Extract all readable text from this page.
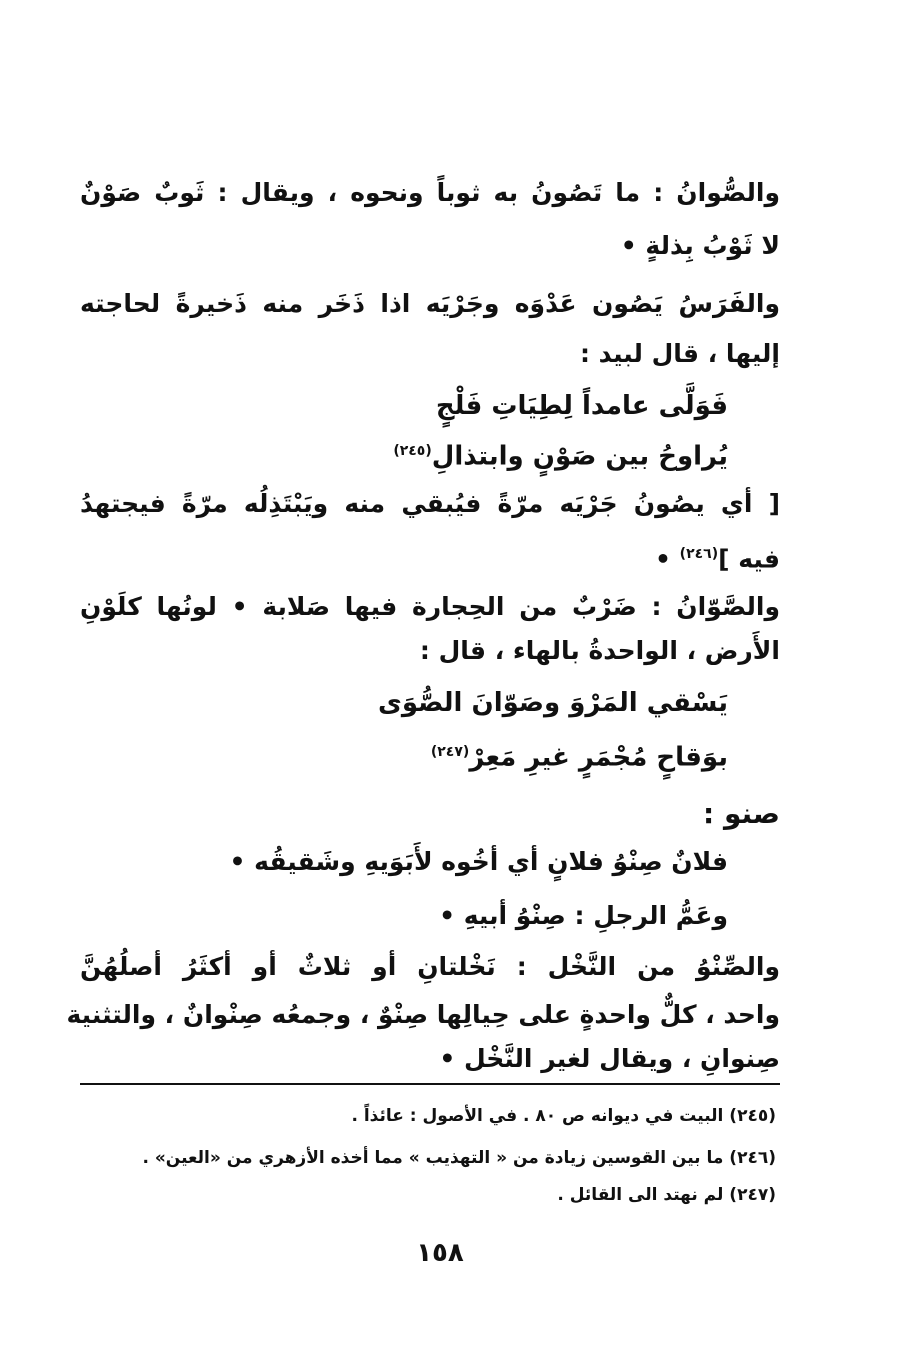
والصُّوانُ : ما تَصُونُ به ثوباً ونحوه ، ويقال : ثَوبٌ صَوْنٌ
لا ثَوْبُ بِذلةٍ •
والفَرَسُ يَصُون عَدْوَه وجَرْيَه اذا ذَخَر منه ذَخيرةً لحاجته
إليها ، قال لبيد :
فَوَلَّى عامداً لِطِيَاتِ فَلْجٍ
يُراوحُ بين صَوْنٍ وابتذالِ$^{(٢٤٥)}$
[ أي يصُونُ جَرْيَه مرّةً فيُبقي منه ويَبْتَذِلُه مرّةً فيجتهدُ
فيه ]$^{(٢٤٦)}$ •
والصَّوّانُ : ضَرْبٌ من الحِجارة فيها صَلابة • لونُها كلَوْنِ
الأَرض ، الواحدةُ بالهاء ، قال :
يَسْقي المَرْوَ وصَوّانَ الصُّوَى
بوَقاحٍ مُجْمَرٍ غيرِ مَعِرْ$^{(٢٤٧)}$
صنو :
فلانٌ صِنْوُ فلانٍ أي أخُوه لأَبَوَيهِ وشَقيقُه •
وعَمُّ الرجلِ : صِنْوُ أبيهِ •
والصِّنْوُ من النَّخْل : نَخْلتانِ أو ثلاثٌ أو أكثَرُ أصلُهُنَّ
واحد ، كلٌّ واحدةٍ على حِيالِها صِنْوٌ ، وجمعُه صِنْوانٌ ، والتثنية
صِنوانِ ، ويقال لغير النَّخْل •
(٢٤٥) البيت في ديوانه ص ٨٠ . في الأصول : عائذاً .
(٢٤٦) ما بين القوسين زيادة من « التهذيب » مما أخذه الأزهري من «العين» .
(٢٤٧) لم نهتد الى القائل .
١٥٨
